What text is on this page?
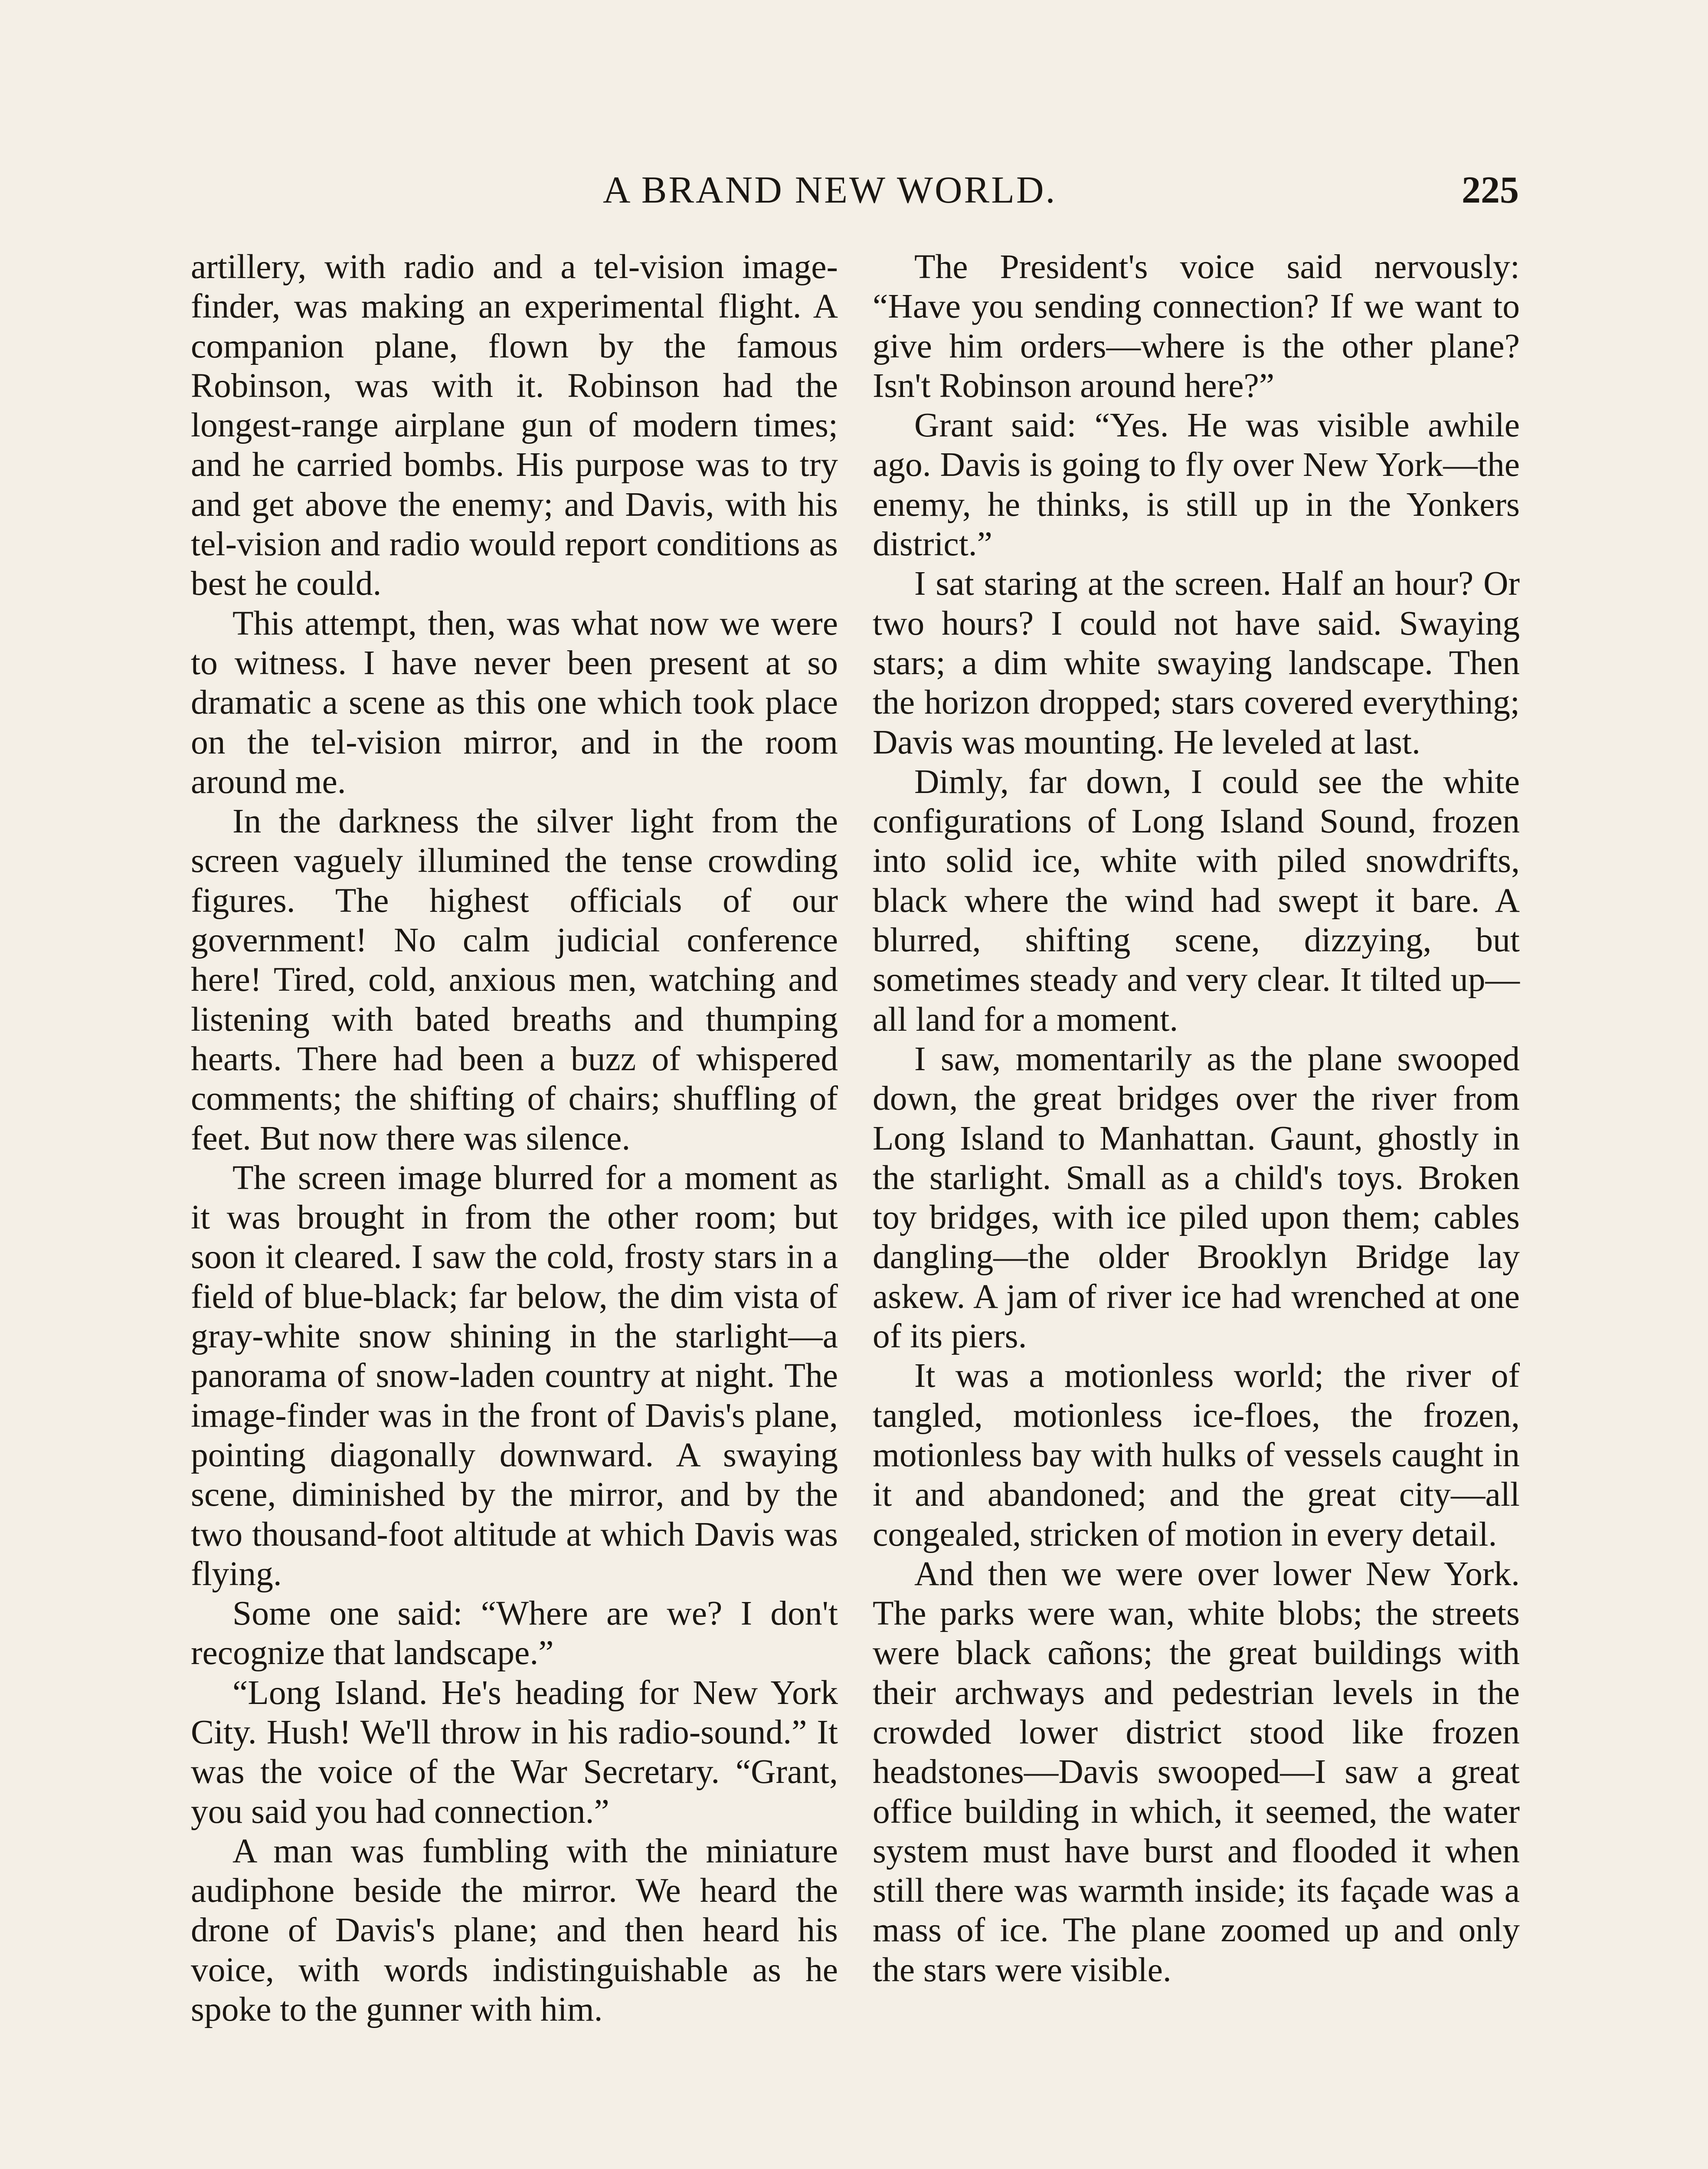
A BRAND NEW WORLD.	225

artillery, with radio and a tel-vision image-finder, was making an experimental flight. A companion plane, flown by the famous Robinson, was with it. Robinson had the longest-range airplane gun of modern times; and he carried bombs. His purpose was to try and get above the enemy; and Davis, with his tel-vision and radio would report conditions as best he could.

This attempt, then, was what now we were to witness. I have never been present at so dramatic a scene as this one which took place on the tel-vision mirror, and in the room around me.

In the darkness the silver light from the screen vaguely illumined the tense crowding figures. The highest officials of our government! No calm judicial conference here! Tired, cold, anxious men, watching and listening with bated breaths and thumping hearts. There had been a buzz of whispered comments; the shifting of chairs; shuffling of feet. But now there was silence.

The screen image blurred for a moment as it was brought in from the other room; but soon it cleared. I saw the cold, frosty stars in a field of blue-black; far below, the dim vista of gray-white snow shining in the starlight—a panorama of snow-laden country at night. The image-finder was in the front of Davis's plane, pointing diagonally downward. A swaying scene, diminished by the mirror, and by the two thousand-foot altitude at which Davis was flying.

Some one said: “Where are we? I don't recognize that landscape.”

“Long Island. He's heading for New York City. Hush! We'll throw in his radio-sound.” It was the voice of the War Secretary. “Grant, you said you had connection.”

A man was fumbling with the miniature audiphone beside the mirror. We heard the drone of Davis's plane; and then heard his voice, with words indistinguishable as he spoke to the gunner with him.

The President's voice said nervously: “Have you sending connection? If we want to give him orders—where is the other plane? Isn't Robinson around here?”

Grant said: “Yes. He was visible awhile ago. Davis is going to fly over New York—the enemy, he thinks, is still up in the Yonkers district.”

I sat staring at the screen. Half an hour? Or two hours? I could not have said. Swaying stars; a dim white swaying landscape. Then the horizon dropped; stars covered everything; Davis was mounting. He leveled at last.

Dimly, far down, I could see the white configurations of Long Island Sound, frozen into solid ice, white with piled snowdrifts, black where the wind had swept it bare. A blurred, shifting scene, dizzying, but sometimes steady and very clear. It tilted up—all land for a moment.

I saw, momentarily as the plane swooped down, the great bridges over the river from Long Island to Manhattan. Gaunt, ghostly in the starlight. Small as a child's toys. Broken toy bridges, with ice piled upon them; cables dangling—the older Brooklyn Bridge lay askew. A jam of river ice had wrenched at one of its piers.

It was a motionless world; the river of tangled, motionless ice-floes, the frozen, motionless bay with hulks of vessels caught in it and abandoned; and the great city—all congealed, stricken of motion in every detail.

And then we were over lower New York. The parks were wan, white blobs; the streets were black cañons; the great buildings with their archways and pedestrian levels in the crowded lower district stood like frozen headstones—Davis swooped—I saw a great office building in which, it seemed, the water system must have burst and flooded it when still there was warmth inside; its façade was a mass of ice. The plane zoomed up and only the stars were visible.
